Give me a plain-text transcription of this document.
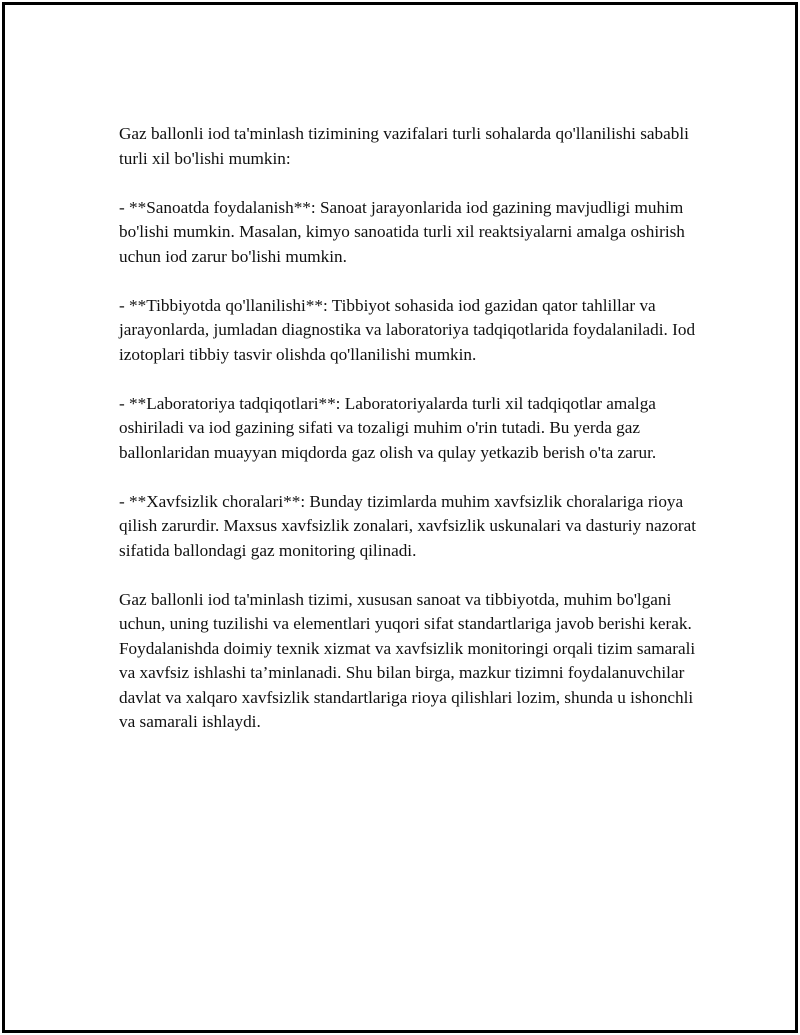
Gaz ballonli iod ta'minlash tizimining vazifalari turli sohalarda qo'llanilishi sababli turli xil bo'lishi mumkin:

- **Sanoatda foydalanish**: Sanoat jarayonlarida iod gazining mavjudligi muhim bo'lishi mumkin. Masalan, kimyo sanoatida turli xil reaktsiyalarni amalga oshirish uchun iod zarur bo'lishi mumkin.

- **Tibbiyotda qo'llanilishi**: Tibbiyot sohasida iod gazidan qator tahlillar va jarayonlarda, jumladan diagnostika va laboratoriya tadqiqotlarida foydalaniladi. Iod izotoplari tibbiy tasvir olishda qo'llanilishi mumkin.

- **Laboratoriya tadqiqotlari**: Laboratoriyalarda turli xil tadqiqotlar amalga oshiriladi va iod gazining sifati va tozaligi muhim o'rin tutadi. Bu yerda gaz ballonlaridan muayyan miqdorda gaz olish va qulay yetkazib berish o'ta zarur.

- **Xavfsizlik choralari**: Bunday tizimlarda muhim xavfsizlik choralariga rioya qilish zarurdir. Maxsus xavfsizlik zonalari, xavfsizlik uskunalari va dasturiy nazorat sifatida ballondagi gaz monitoring qilinadi.

Gaz ballonli iod ta'minlash tizimi, xususan sanoat va tibbiyotda, muhim bo'lgani uchun, uning tuzilishi va elementlari yuqori sifat standartlariga javob berishi kerak. Foydalanishda doimiy texnik xizmat va xavfsizlik monitoringi orqali tizim samarali va xavfsiz ishlashi ta’minlanadi. Shu bilan birga, mazkur tizimni foydalanuvchilar davlat va xalqaro xavfsizlik standartlariga rioya qilishlari lozim, shunda u ishonchli va samarali ishlaydi.
